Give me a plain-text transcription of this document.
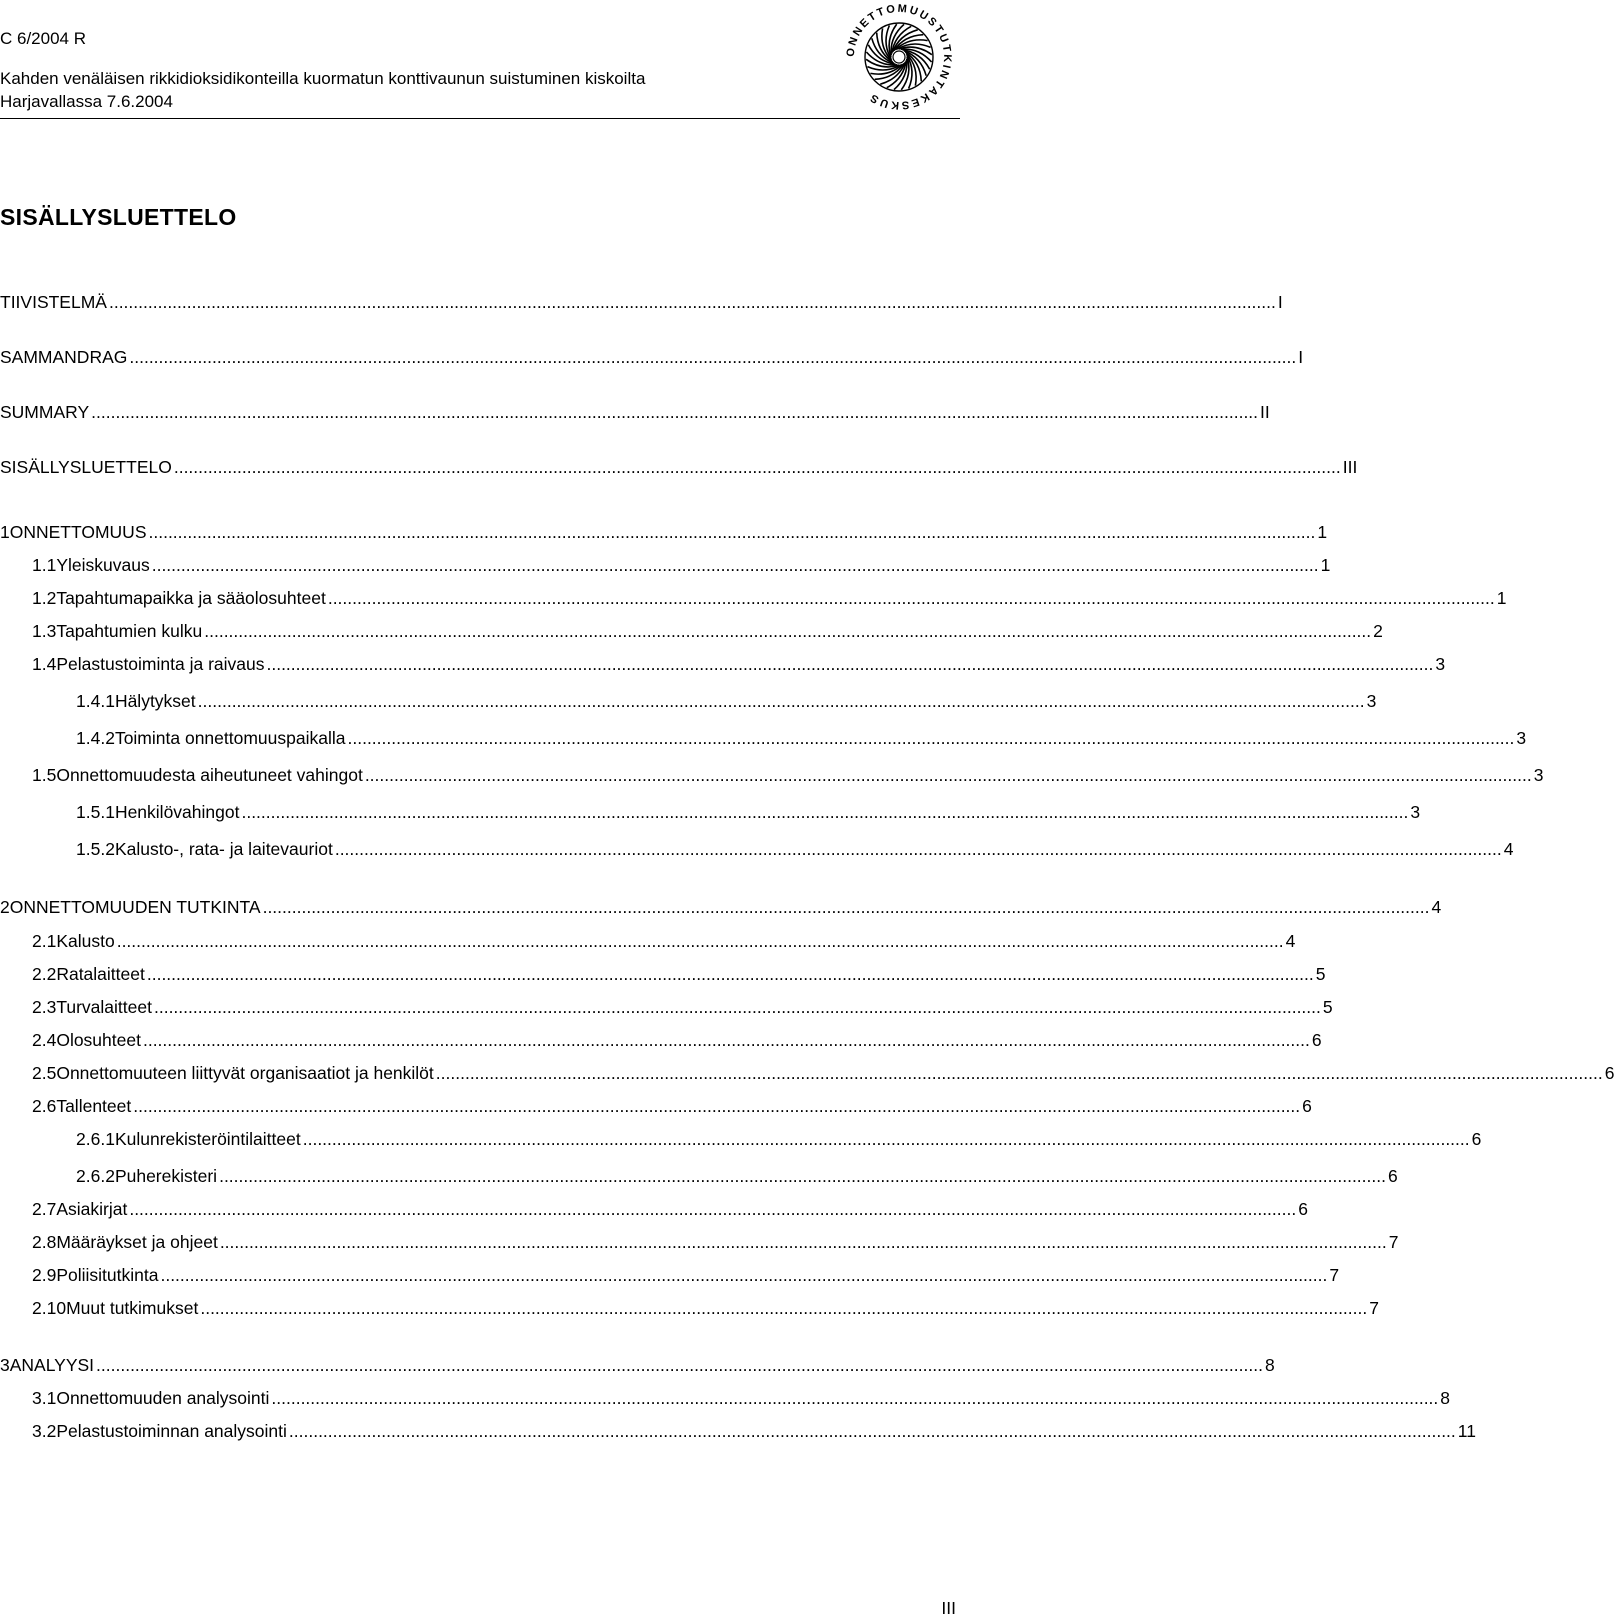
C 6/2004 R
Kahden venäläisen rikkidioksidikonteilla kuormatun konttivaunun suistuminen kiskoilta
Harjavallassa 7.6.2004
ONNETTOMUUSTUTKINTAKESKUS
SISÄLLYSLUETTELO
TIIVISTELMÄ ................................................................................................................................................................................................................................................ I
SAMMANDRAG ................................................................................................................................................................................................................................................ I
SUMMARY ................................................................................................................................................................................................................................................ II
SISÄLLYSLUETTELO ................................................................................................................................................................................................................................................ III
1 ONNETTOMUUS ................................................................................................................................................................................................................................................ 1
1.1 Yleiskuvaus ................................................................................................................................................................................................................................................ 1
1.2 Tapahtumapaikka ja sääolosuhteet ................................................................................................................................................................................................................................................ 1
1.3 Tapahtumien kulku ................................................................................................................................................................................................................................................ 2
1.4 Pelastustoiminta ja raivaus ................................................................................................................................................................................................................................................ 3
1.4.1 Hälytykset ................................................................................................................................................................................................................................................ 3
1.4.2 Toiminta onnettomuuspaikalla ................................................................................................................................................................................................................................................ 3
1.5 Onnettomuudesta aiheutuneet vahingot ................................................................................................................................................................................................................................................ 3
1.5.1 Henkilövahingot ................................................................................................................................................................................................................................................ 3
1.5.2 Kalusto-, rata- ja laitevauriot ................................................................................................................................................................................................................................................ 4
2 ONNETTOMUUDEN TUTKINTA ................................................................................................................................................................................................................................................ 4
2.1 Kalusto ................................................................................................................................................................................................................................................ 4
2.2 Ratalaitteet ................................................................................................................................................................................................................................................ 5
2.3 Turvalaitteet ................................................................................................................................................................................................................................................ 5
2.4 Olosuhteet ................................................................................................................................................................................................................................................ 6
2.5 Onnettomuuteen liittyvät organisaatiot ja henkilöt ................................................................................................................................................................................................................................................ 6
2.6 Tallenteet ................................................................................................................................................................................................................................................ 6
2.6.1 Kulunrekisteröintilaitteet ................................................................................................................................................................................................................................................ 6
2.6.2 Puherekisteri ................................................................................................................................................................................................................................................ 6
2.7 Asiakirjat ................................................................................................................................................................................................................................................ 6
2.8 Määräykset ja ohjeet ................................................................................................................................................................................................................................................ 7
2.9 Poliisitutkinta ................................................................................................................................................................................................................................................ 7
2.10 Muut tutkimukset ................................................................................................................................................................................................................................................ 7
3 ANALYYSI ................................................................................................................................................................................................................................................ 8
3.1 Onnettomuuden analysointi ................................................................................................................................................................................................................................................ 8
3.2 Pelastustoiminnan analysointi ................................................................................................................................................................................................................................................ 11
III
